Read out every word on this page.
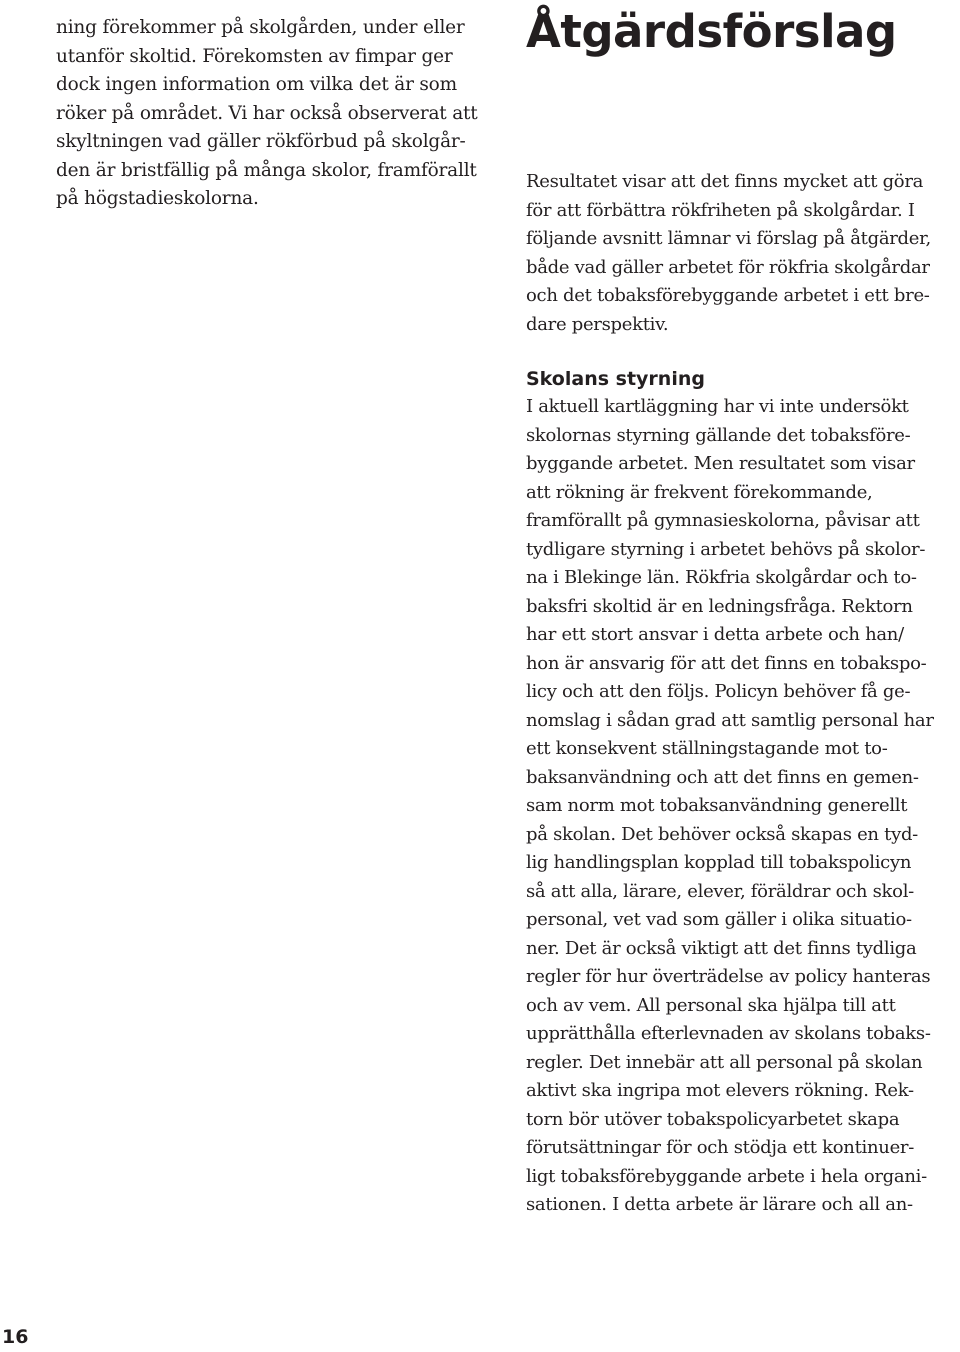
ning förekommer på skolgården, under eller
utanför skoltid. Förekomsten av fimpar ger
dock ingen information om vilka det är som
röker på området. Vi har också observerat att
skyltningen vad gäller rökförbud på skolgår-
den är bristfällig på många skolor, framförallt
på högstadieskolorna.
Åtgärdsförslag
Resultatet visar att det finns mycket att göra
för att förbättra rökfriheten på skolgårdar. I
följande avsnitt lämnar vi förslag på åtgärder,
både vad gäller arbetet för rökfria skolgårdar
och det tobaksförebyggande arbetet i ett bre-
dare perspektiv.
Skolans styrning
I aktuell kartläggning har vi inte undersökt
skolornas styrning gällande det tobaksföre-
byggande arbetet. Men resultatet som visar
att rökning är frekvent förekommande,
framförallt på gymnasieskolorna, påvisar att
tydligare styrning i arbetet behövs på skolor-
na i Blekinge län. Rökfria skolgårdar och to-
baksfri skoltid är en ledningsfråga. Rektorn
har ett stort ansvar i detta arbete och han/
hon är ansvarig för att det finns en tobakspo-
licy och att den följs. Policyn behöver få ge-
nomslag i sådan grad att samtlig personal har
ett konsekvent ställningstagande mot to-
baksanvändning och att det finns en gemen-
sam norm mot tobaksanvändning generellt
på skolan. Det behöver också skapas en tyd-
lig handlingsplan kopplad till tobakspolicyn
så att alla, lärare, elever, föräldrar och skol-
personal, vet vad som gäller i olika situatio-
ner. Det är också viktigt att det finns tydliga
regler för hur överträdelse av policy hanteras
och av vem. All personal ska hjälpa till att
upprätthålla efterlevnaden av skolans tobaks-
regler. Det innebär att all personal på skolan
aktivt ska ingripa mot elevers rökning. Rek-
torn bör utöver tobakspolicyarbetet skapa
förutsättningar för och stödja ett kontinuer-
ligt tobaksförebyggande arbete i hela organi-
sationen. I detta arbete är lärare och all an-
16
